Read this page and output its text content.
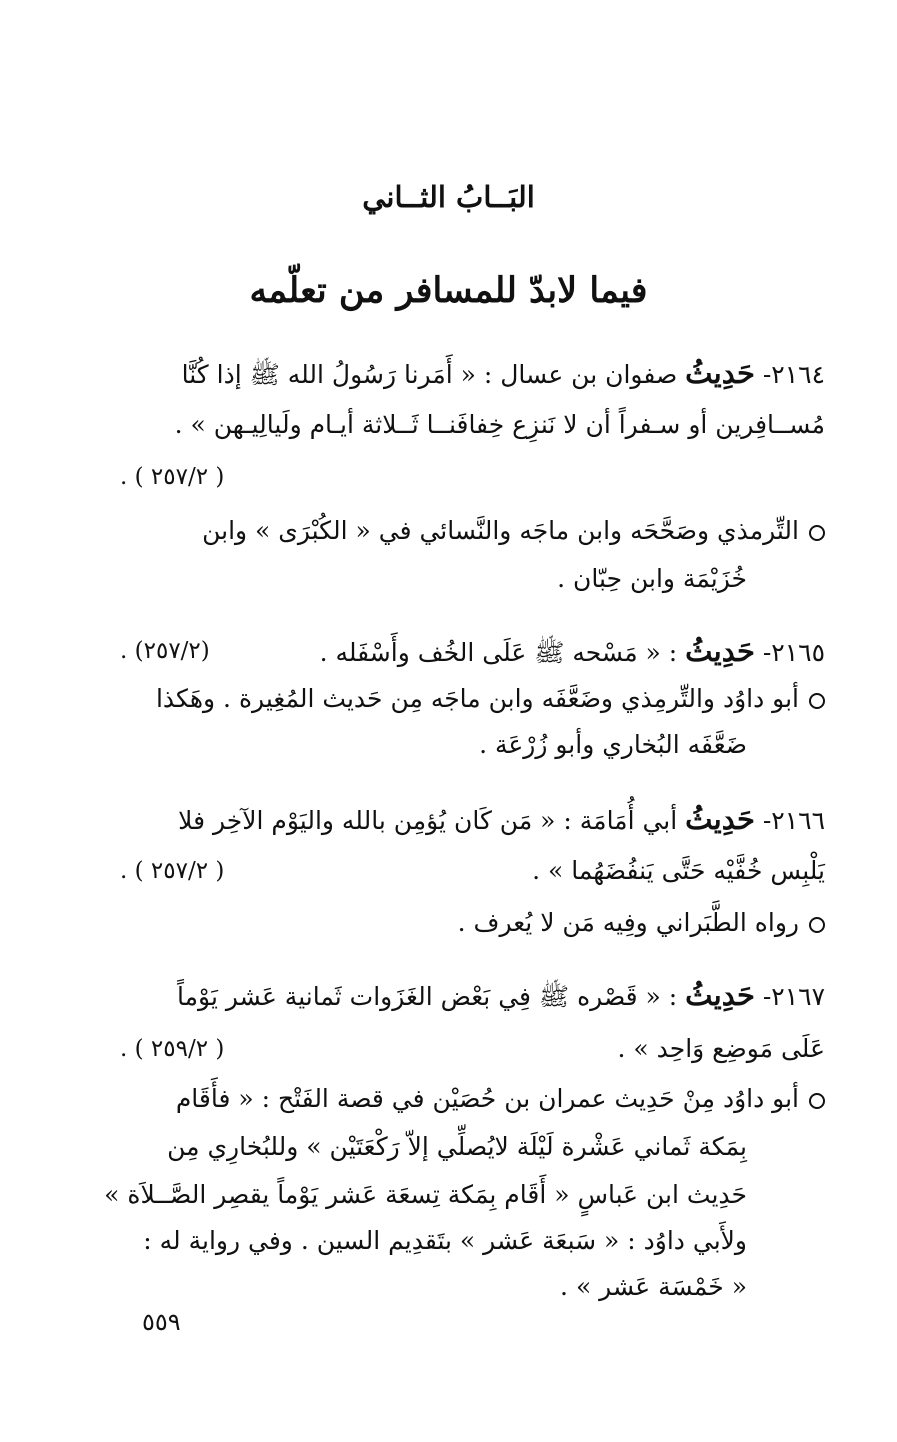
البَــابُ الثــاني
فيما لابدّ للمسافر من تعلّمه
٢١٦٤- حَدِيثُ صفوان بن عسال : « أَمَرنا رَسُولُ الله ﷺ إذا كُنَّا
مُســافِرين أو سـفراً أن لا نَنزِع خِفافَنــا ثَــلاثة أيـام ولَيالِيـهن » .
( ٢٥٧/٢ ) .
التِّرمذي وصَحَّحَه وابن ماجَه والنَّسائي في « الكُبْرَى » وابن
خُزَيْمَة وابن حِبّان .
٢١٦٥- حَدِيثُ : « مَسْحه ﷺ عَلَى الخُف وأَسْفَله .
(٢٥٧/٢) .
أبو داوُد والتِّرمِذي وضَعَّفَه وابن ماجَه مِن حَديث المُغِيرة . وهَكذا
ضَعَّفَه البُخاري وأبو زُرْعَة .
٢١٦٦- حَدِيثُ أبي أُمَامَة : « مَن كَان يُؤمِن بالله واليَوْم الآخِر فلا
يَلْبِس خُفَّيْه حَتَّى يَنفُضَهُما » .
( ٢٥٧/٢ ) .
رواه الطَّبَراني وفِيه مَن لا يُعرف .
٢١٦٧- حَدِيثُ : « قَصْره ﷺ فِي بَعْض الغَزَوات ثَمانية عَشر يَوْماً
عَلَى مَوضِع وَاحِد » .
( ٢٥٩/٢ ) .
أبو داوُد مِنْ حَدِيث عمران بن حُصَيْن في قصة الفَتْح : « فأَقَام
بِمَكة ثَماني عَشْرة لَيْلَة لايُصلِّي إلاّ رَكْعَتَيْن » وللبُخارِي مِن
حَدِيث ابن عَباسٍ « أَقَام بِمَكة تِسعَة عَشر يَوْماً يقصِر الصَّــلاَة »
ولأَبي داوُد : « سَبعَة عَشر » بتَقدِيم السين . وفي رواية له :
« خَمْسَة عَشر » .
٥٥٩
